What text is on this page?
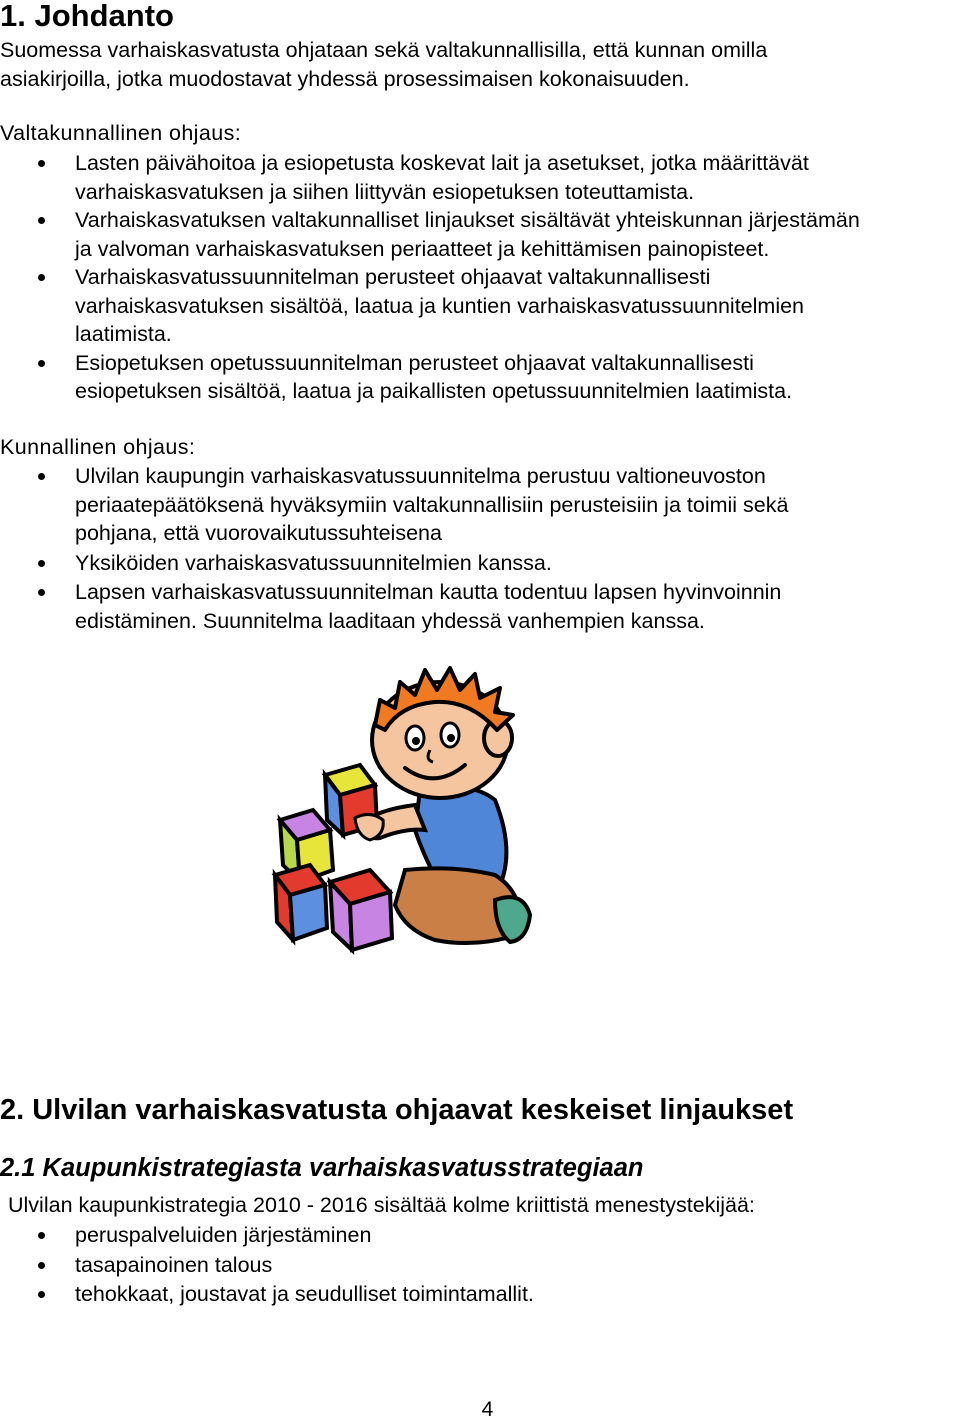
1. Johdanto
Suomessa varhaiskasvatusta ohjataan sekä valtakunnallisilla, että kunnan omilla
asiakirjoilla, jotka muodostavat yhdessä prosessimaisen kokonaisuuden.
Valtakunnallinen ohjaus:
Lasten päivähoitoa ja esiopetusta koskevat lait ja asetukset, jotka määrittävät
varhaiskasvatuksen ja siihen liittyvän esiopetuksen toteuttamista.
Varhaiskasvatuksen valtakunnalliset linjaukset sisältävät yhteiskunnan järjestämän
ja valvoman varhaiskasvatuksen periaatteet ja kehittämisen painopisteet.
Varhaiskasvatussuunnitelman perusteet ohjaavat valtakunnallisesti
varhaiskasvatuksen sisältöä, laatua ja kuntien varhaiskasvatussuunnitelmien
laatimista.
Esiopetuksen opetussuunnitelman perusteet ohjaavat valtakunnallisesti
esiopetuksen sisältöä, laatua ja paikallisten opetussuunnitelmien laatimista.
Kunnallinen ohjaus:
Ulvilan kaupungin varhaiskasvatussuunnitelma perustuu valtioneuvoston
periaatepäätöksenä hyväksymiin valtakunnallisiin perusteisiin ja toimii sekä
pohjana, että vuorovaikutussuhteisena
Yksiköiden varhaiskasvatussuunnitelmien kanssa.
Lapsen varhaiskasvatussuunnitelman kautta todentuu lapsen hyvinvoinnin
edistäminen. Suunnitelma laaditaan yhdessä vanhempien kanssa.
2. Ulvilan varhaiskasvatusta ohjaavat keskeiset linjaukset
2.1 Kaupunkistrategiasta varhaiskasvatusstrategiaan
Ulvilan kaupunkistrategia 2010 - 2016 sisältää kolme kriittistä menestystekijää:
peruspalveluiden järjestäminen
tasapainoinen talous
tehokkaat, joustavat ja seudulliset toimintamallit.
4
